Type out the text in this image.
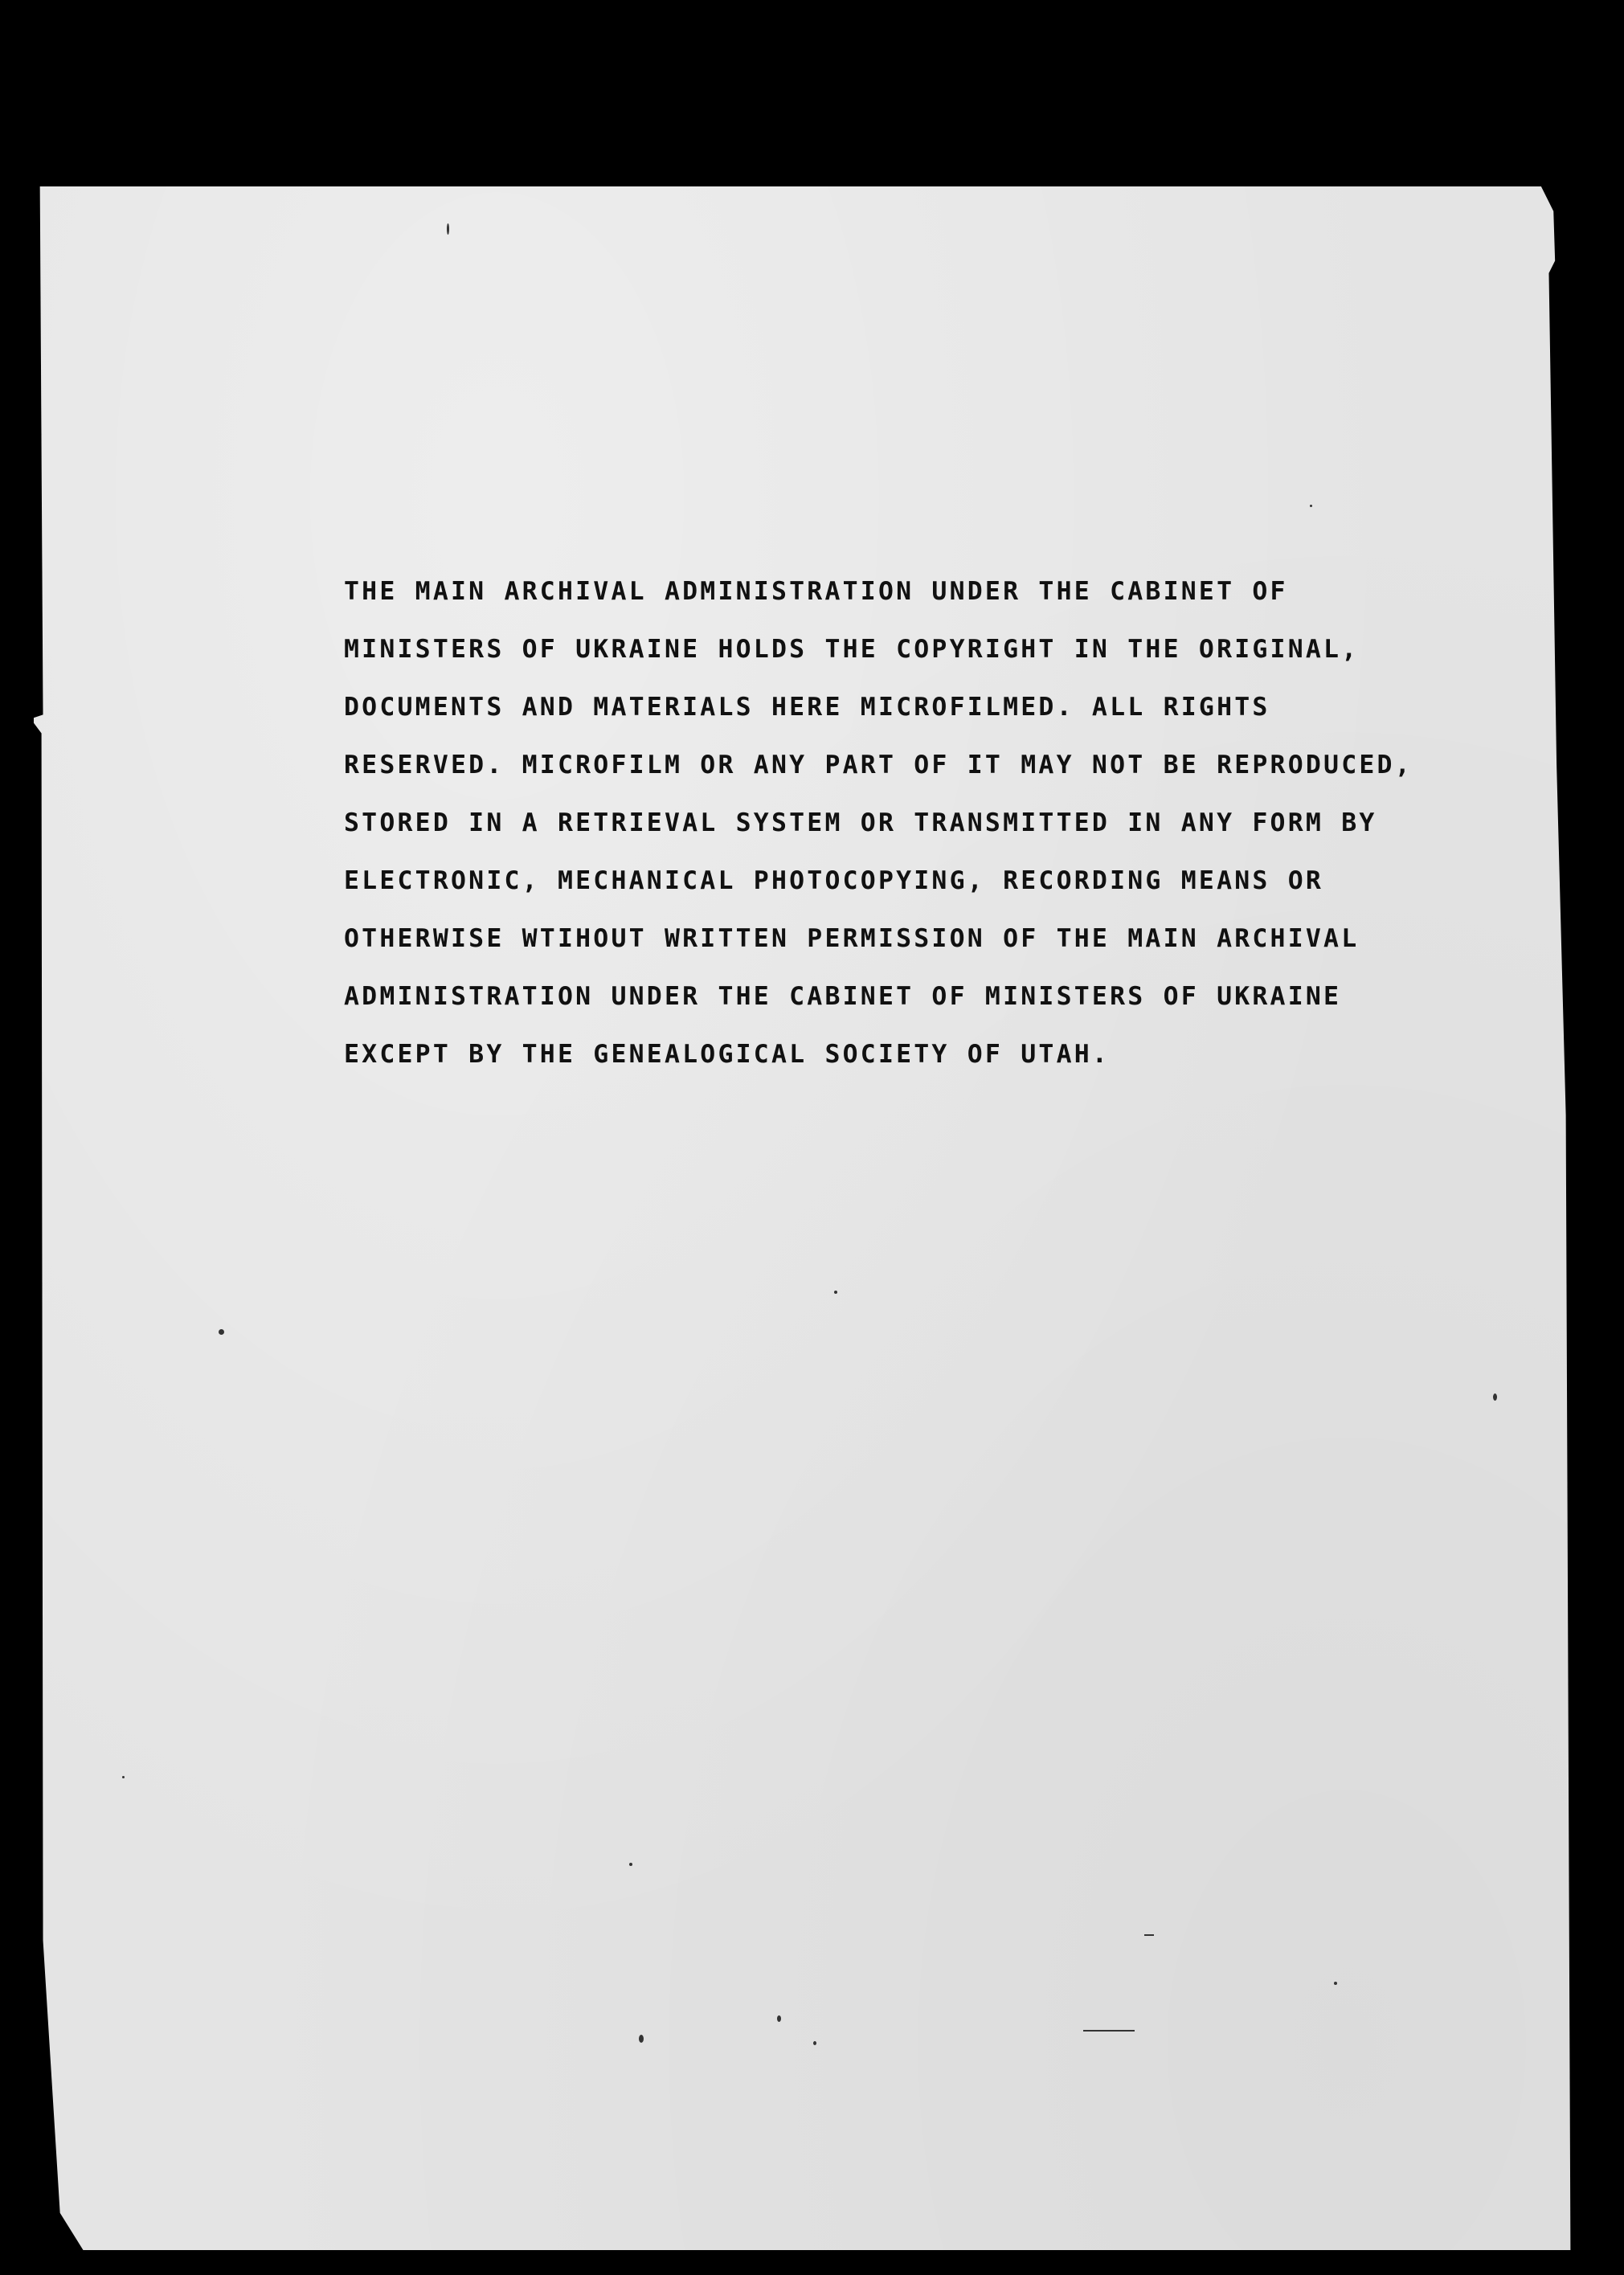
THE MAIN ARCHIVAL ADMINISTRATION UNDER THE CABINET OF
MINISTERS OF UKRAINE HOLDS THE COPYRIGHT IN THE ORIGINAL,
DOCUMENTS AND MATERIALS HERE MICROFILMED. ALL RIGHTS
RESERVED. MICROFILM OR ANY PART OF IT MAY NOT BE REPRODUCED,
STORED IN A RETRIEVAL SYSTEM OR TRANSMITTED IN ANY FORM BY
ELECTRONIC, MECHANICAL PHOTOCOPYING, RECORDING MEANS OR
OTHERWISE WTIHOUT WRITTEN PERMISSION OF THE MAIN ARCHIVAL
ADMINISTRATION UNDER THE CABINET OF MINISTERS OF UKRAINE
EXCEPT BY THE GENEALOGICAL SOCIETY OF UTAH.
